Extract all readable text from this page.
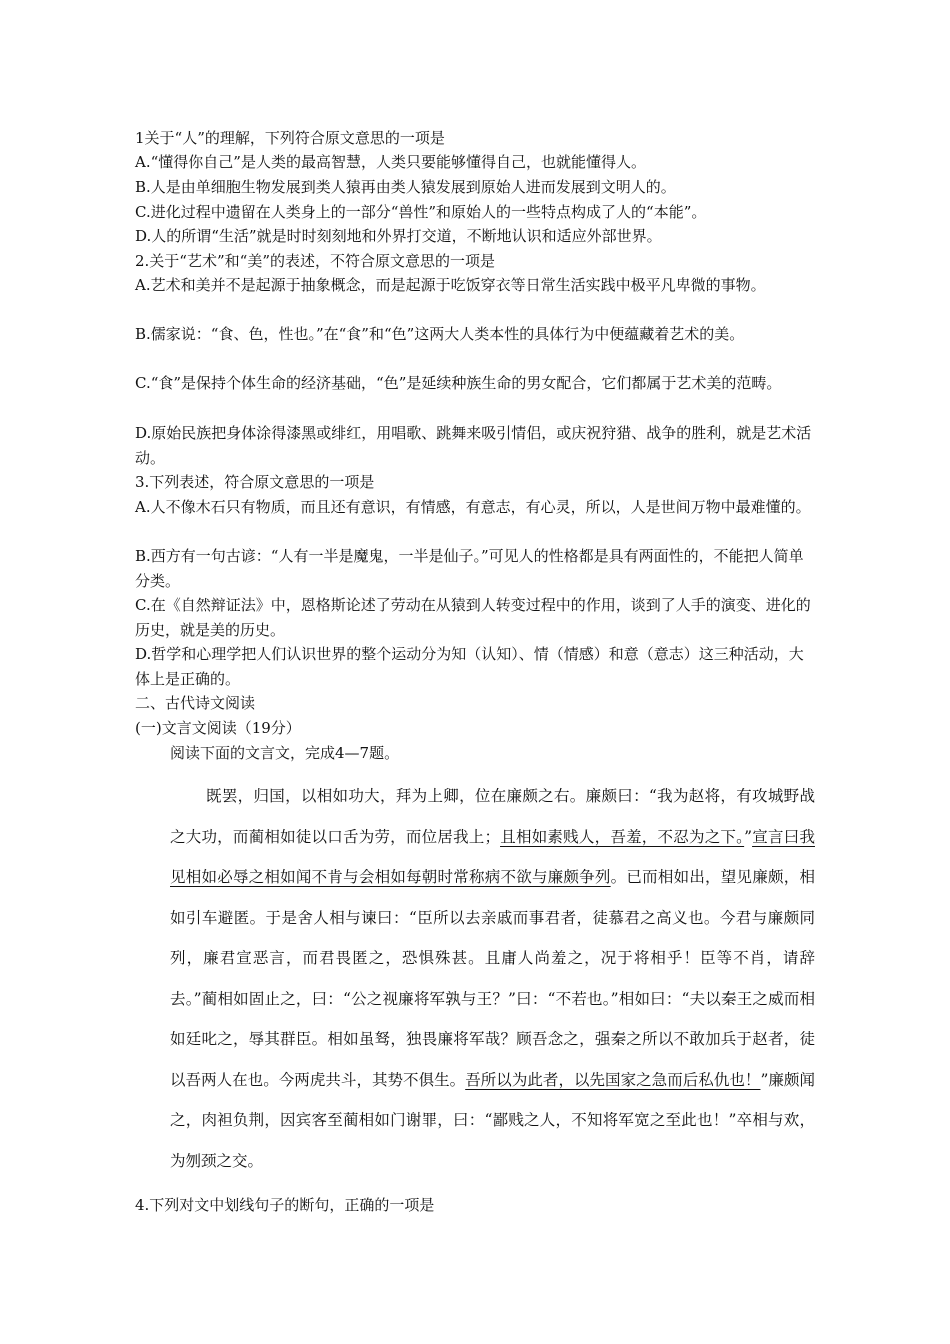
1关于“人”的理解，下列符合原文意思的一项是

A.“懂得你自己”是人类的最高智慧，人类只要能够懂得自己，也就能懂得人。

B.人是由单细胞生物发展到类人猿再由类人猿发展到原始人进而发展到文明人的。

C.进化过程中遗留在人类身上的一部分“兽性”和原始人的一些特点构成了人的“本能”。

D.人的所谓“生活”就是时时刻刻地和外界打交道，不断地认识和适应外部世界。

2.关于“艺术”和“美”的表述，不符合原文意思的一项是

A.艺术和美并不是起源于抽象概念，而是起源于吃饭穿衣等日常生活实践中极平凡卑微的事物。

B.儒家说：“食、色，性也。”在“食”和“色”这两大人类本性的具体行为中便蕴藏着艺术的美。

C.“食”是保持个体生命的经济基础，“色”是延续种族生命的男女配合，它们都属于艺术美的范畴。

D.原始民族把身体涂得漆黑或绯红，用唱歌、跳舞来吸引情侣，或庆祝狩猎、战争的胜利，就是艺术活动。

3.下列表述，符合原文意思的一项是

A.人不像木石只有物质，而且还有意识，有情感，有意志，有心灵，所以，人是世间万物中最难懂的。

B.西方有一句古谚：“人有一半是魔鬼，一半是仙子。”可见人的性格都是具有两面性的，不能把人简单分类。

C.在《自然辩证法》中，恩格斯论述了劳动在从猿到人转变过程中的作用，谈到了人手的演变、进化的历史，就是美的历史。

D.哲学和心理学把人们认识世界的整个运动分为知（认知）、情（情感）和意（意志）这三种活动，大体上是正确的。

二、古代诗文阅读

(一)文言文阅读（19分）

阅读下面的文言文，完成4—7题。

既罢，归国，以相如功大，拜为上卿，位在廉颇之右。廉颇曰：“我为赵将，有攻城野战之大功，而蔺相如徒以口舌为劳，而位居我上；且相如素贱人，吾羞，不忍为之下。”宣言曰我见相如必辱之相如闻不肯与会相如每朝时常称病不欲与廉颇争列。已而相如出，望见廉颇，相如引车避匿。于是舍人相与谏曰：“臣所以去亲戚而事君者，徒慕君之高义也。今君与廉颇同列，廉君宣恶言，而君畏匿之，恐惧殊甚。且庸人尚羞之，况于将相乎！臣等不肖，请辞去。”蔺相如固止之，曰：“公之视廉将军孰与王？”曰：“不若也。”相如曰：“夫以秦王之威而相如廷叱之，辱其群臣。相如虽驽，独畏廉将军哉？顾吾念之，强秦之所以不敢加兵于赵者，徒以吾两人在也。今两虎共斗，其势不俱生。吾所以为此者，以先国家之急而后私仇也！”廉颇闻之，肉袒负荆，因宾客至蔺相如门谢罪，曰：“鄙贱之人，不知将军宽之至此也！”卒相与欢，为刎颈之交。

4.下列对文中划线句子的断句，正确的一项是
